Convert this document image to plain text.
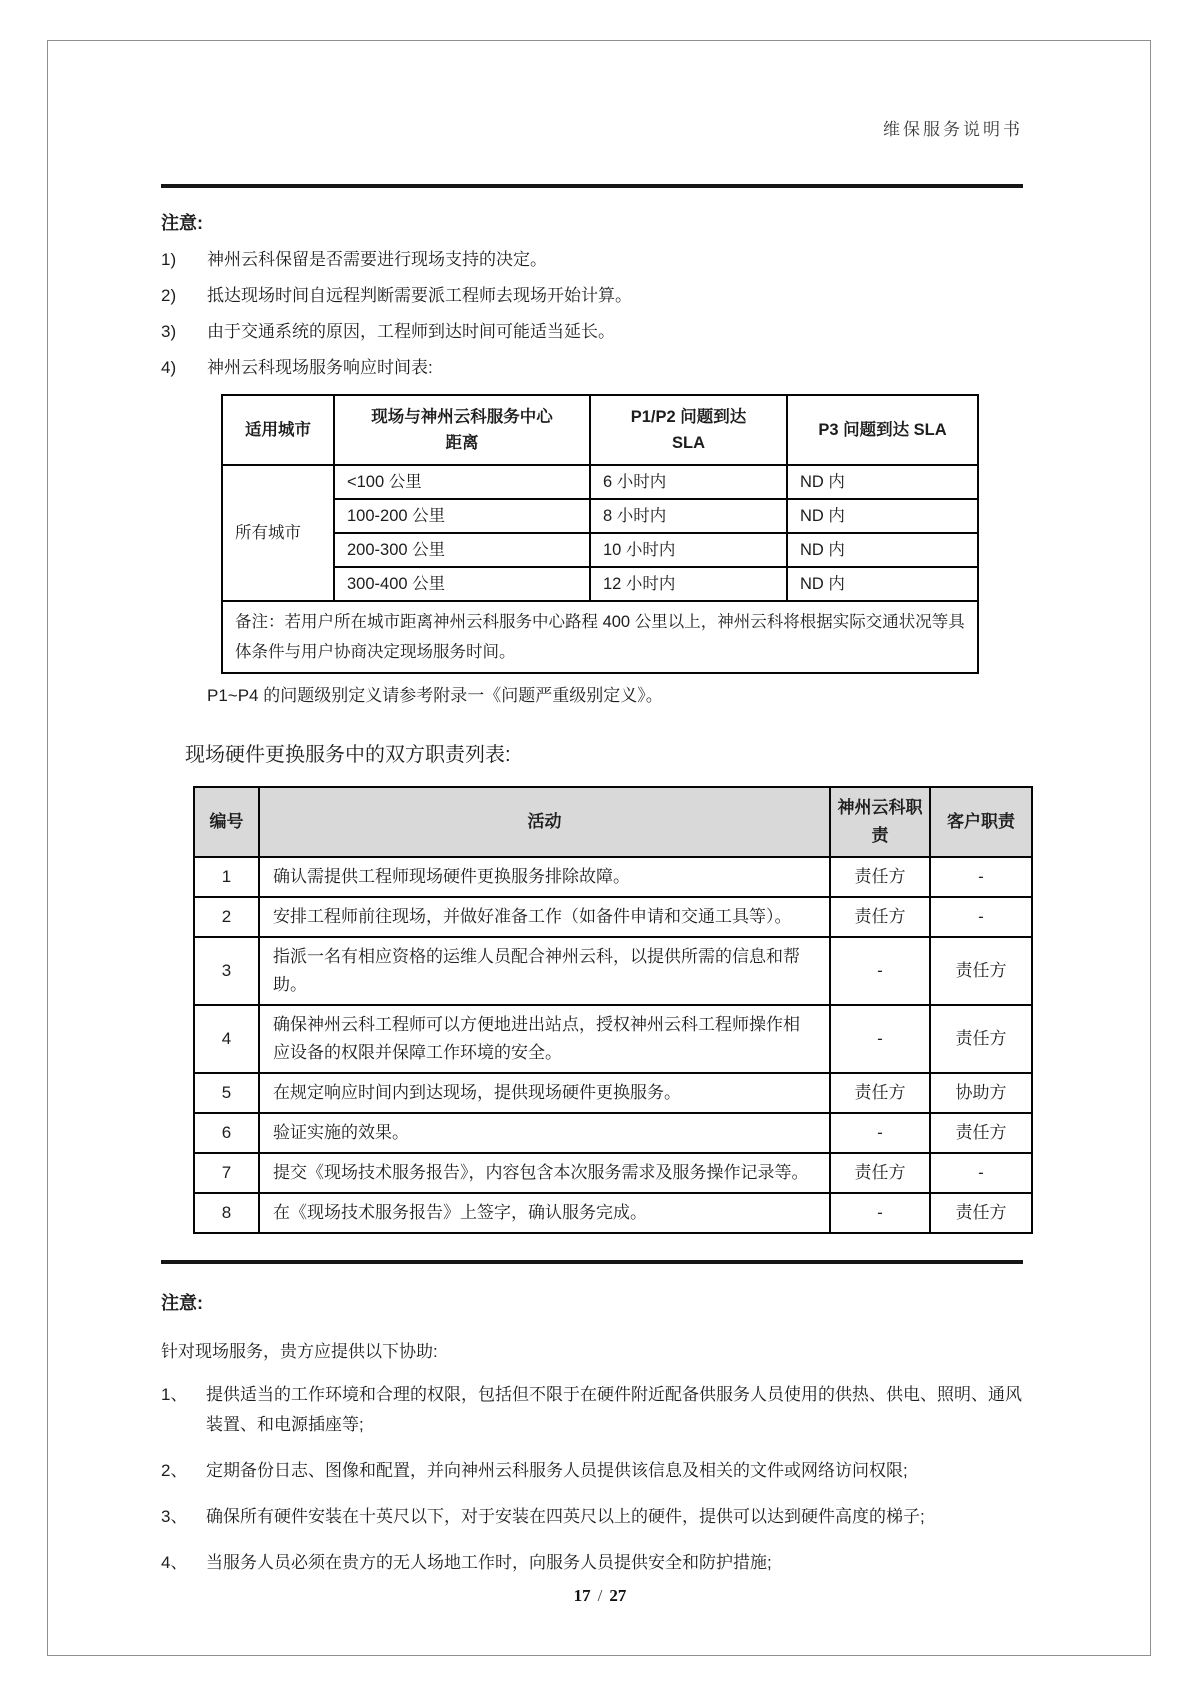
维保服务说明书
注意:
1)	神州云科保留是否需要进行现场支持的决定。
2)	抵达现场时间自远程判断需要派工程师去现场开始计算。
3)	由于交通系统的原因，工程师到达时间可能适当延长。
4)	神州云科现场服务响应时间表:
适用城市	现场与神州云科服务中心距离	P1/P2 问题到达 SLA	P3 问题到达 SLA
所有城市	<100 公里	6 小时内	ND 内
	100-200 公里	8 小时内	ND 内
	200-300 公里	10 小时内	ND 内
	300-400 公里	12 小时内	ND 内
备注：若用户所在城市距离神州云科服务中心路程 400 公里以上，神州云科将根据实际交通状况等具体条件与用户协商决定现场服务时间。			
P1~P4 的问题级别定义请参考附录一《问题严重级别定义》。
现场硬件更换服务中的双方职责列表:
编号	活动	神州云科职责	客户职责
1	确认需提供工程师现场硬件更换服务排除故障。	责任方	-
2	安排工程师前往现场，并做好准备工作（如备件申请和交通工具等）。	责任方	-
3	指派一名有相应资格的运维人员配合神州云科，以提供所需的信息和帮助。	-	责任方
4	确保神州云科工程师可以方便地进出站点，授权神州云科工程师操作相应设备的权限并保障工作环境的安全。	-	责任方
5	在规定响应时间内到达现场，提供现场硬件更换服务。	责任方	协助方
6	验证实施的效果。	-	责任方
7	提交《现场技术服务报告》，内容包含本次服务需求及服务操作记录等。	责任方	-
8	在《现场技术服务报告》上签字，确认服务完成。	-	责任方
注意:
针对现场服务，贵方应提供以下协助:
1、	提供适当的工作环境和合理的权限，包括但不限于在硬件附近配备供服务人员使用的供热、供电、照明、通风装置、和电源插座等;
2、	定期备份日志、图像和配置，并向神州云科服务人员提供该信息及相关的文件或网络访问权限;
3、	确保所有硬件安装在十英尺以下，对于安装在四英尺以上的硬件，提供可以达到硬件高度的梯子;
4、	当服务人员必须在贵方的无人场地工作时，向服务人员提供安全和防护措施;
17 / 27
